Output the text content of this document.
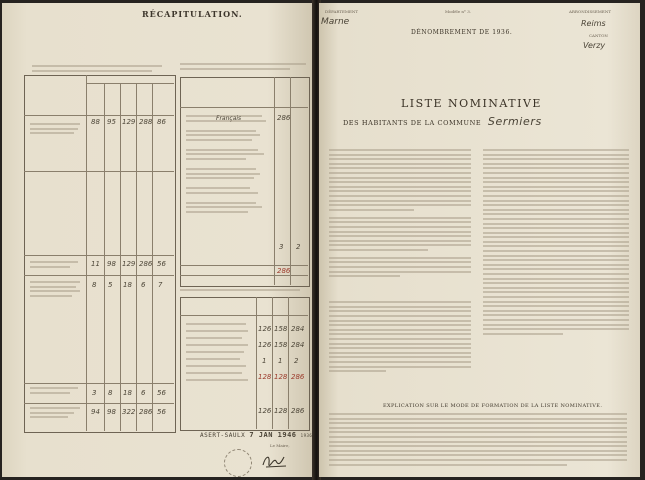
RÉCAPITULATION.
88 95 129 288 86
11 98 129 286 56
8 5 18 6 7
3 8 18 6 56
94 98 322 286 56
Français	286
3 2
286
126 158 284
126 158 284
1 1 2
128 128 286
126 128 286
ASERT-SAULX 7 JAN 1946 1936
Le Maire,
DÉPARTEMENT
Marne
Modèle n° 3.
DÉNOMBREMENT DE 1936.
ARRONDISSEMENT
Reims
CANTON
Verzy
LISTE NOMINATIVE
DES HABITANTS DE LA COMMUNE Sermiers
EXPLICATION SUR LE MODE DE FORMATION DE LA LISTE NOMINATIVE.
